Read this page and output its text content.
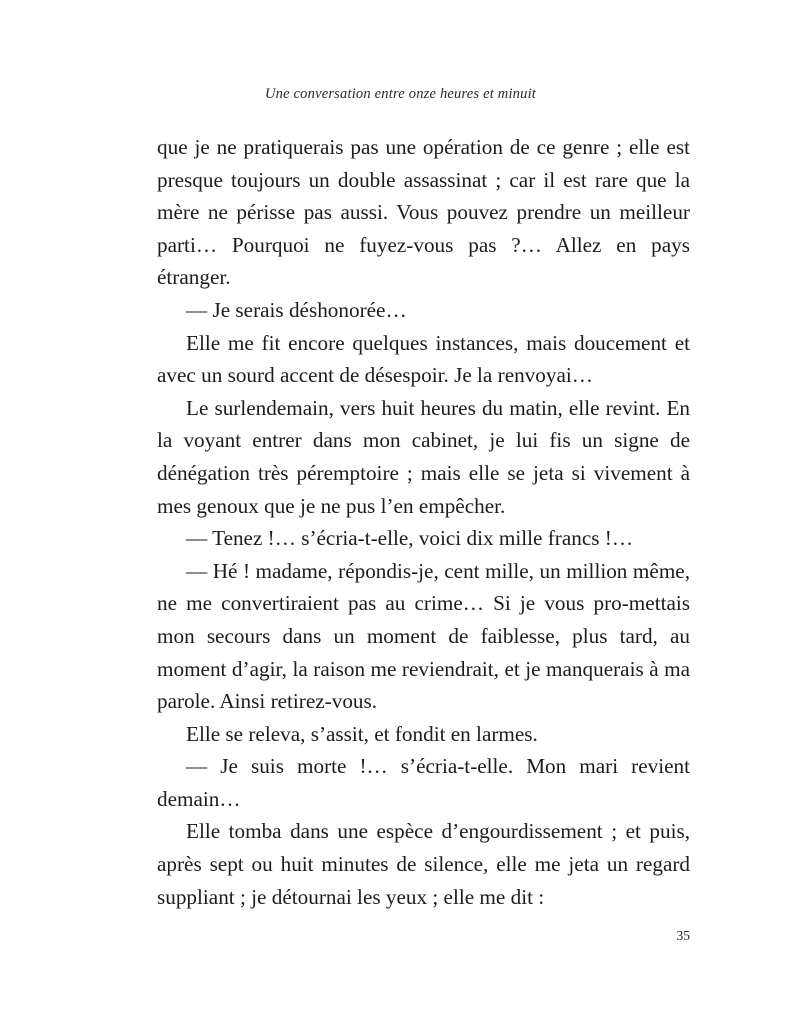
Une conversation entre onze heures et minuit

que je ne pratiquerais pas une opération de ce genre ; elle est presque toujours un double assassinat ; car il est rare que la mère ne périsse pas aussi. Vous pouvez prendre un meilleur parti… Pourquoi ne fuyez-vous pas ?… Allez en pays étranger.

— Je serais déshonorée…

Elle me fit encore quelques instances, mais doucement et avec un sourd accent de désespoir. Je la renvoyai…

Le surlendemain, vers huit heures du matin, elle revint. En la voyant entrer dans mon cabinet, je lui fis un signe de dénégation très péremptoire ; mais elle se jeta si vivement à mes genoux que je ne pus l’en empêcher.

— Tenez !… s’écria-t-elle, voici dix mille francs !…

— Hé ! madame, répondis-je, cent mille, un million même, ne me convertiraient pas au crime… Si je vous pro-mettais mon secours dans un moment de faiblesse, plus tard, au moment d’agir, la raison me reviendrait, et je manquerais à ma parole. Ainsi retirez-vous.

Elle se releva, s’assit, et fondit en larmes.

— Je suis morte !… s’écria-t-elle. Mon mari revient demain…

Elle tomba dans une espèce d’engourdissement ; et puis, après sept ou huit minutes de silence, elle me jeta un regard suppliant ; je détournai les yeux ; elle me dit :

35
